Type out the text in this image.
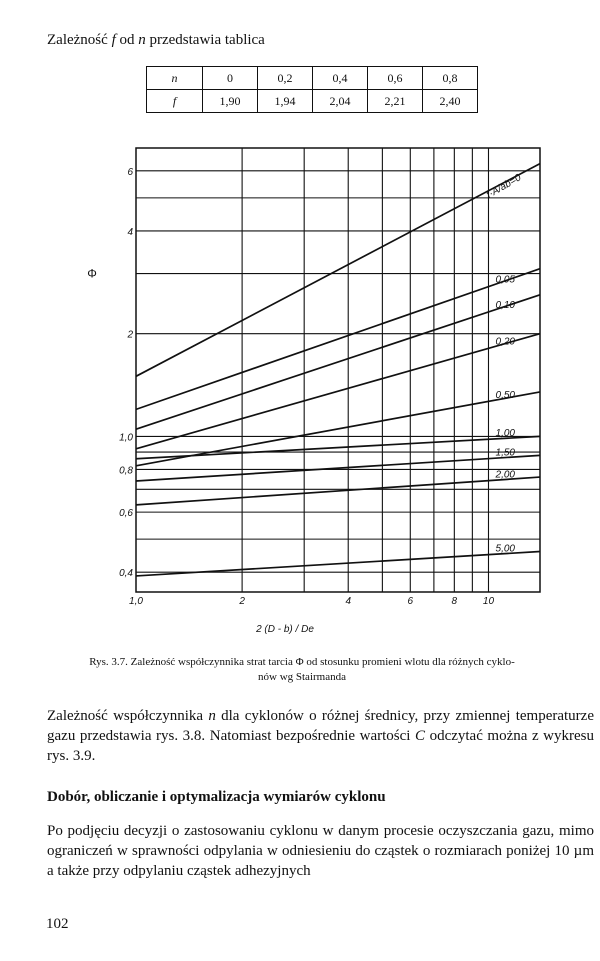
Zależność f od n przedstawia tablica
n	0	0,2	0,4	0,6	0,8
f	1,90	1,94	2,04	2,21	2,40
6
4
2
1,0
0,8
0,6
0,4
1,0	2	4	6	8	10
Φ
2 (D - b) / De
f·A/ab=0
0,05
0,10
0,20
0,50
1,00
1,50
2,00
5,00
Rys. 3.7. Zależność współczynnika strat tarcia Φ od stosunku promieni wlotu dla różnych cyklo-
nów wg Stairmanda
Zależność współczynnika n dla cyklonów o różnej średnicy, przy zmiennej temperaturze gazu przedstawia rys. 3.8. Natomiast bezpośrednie wartości C odczytać można z wykresu rys. 3.9.
Dobór, obliczanie i optymalizacja wymiarów cyklonu
Po podjęciu decyzji o zastosowaniu cyklonu w danym procesie oczyszczania gazu, mimo ograniczeń w sprawności odpylania w odniesieniu do cząstek o rozmiarach poniżej 10 µm a także przy odpylaniu cząstek adhezyjnych
102
